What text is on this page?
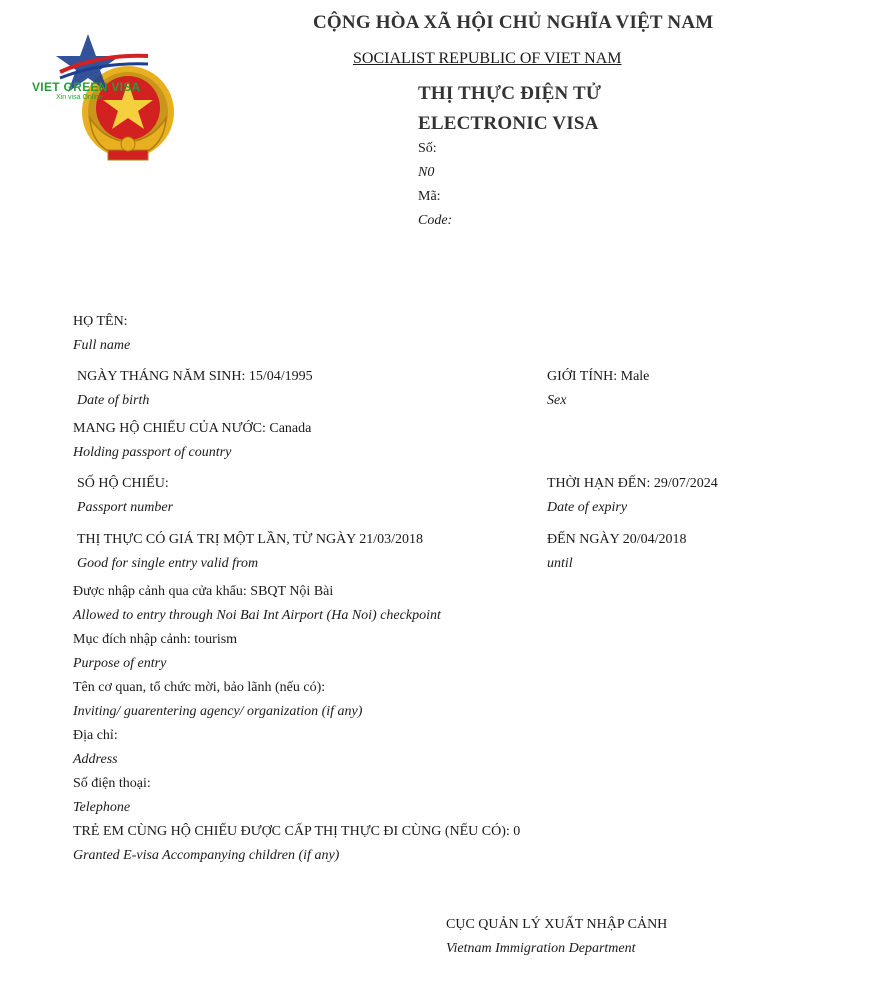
VIET GREEN VISA
Xin visa Online
CỘNG HÒA XÃ HỘI CHỦ NGHĨA VIỆT NAM
SOCIALIST REPUBLIC OF VIET NAM
THỊ THỰC ĐIỆN TỬ
ELECTRONIC VISA
Số:
N0
Mã:
Code:
HỌ TÊN:
Full name
NGÀY THÁNG NĂM SINH: 15/04/1995
Date of birth
GIỚI TÍNH: Male
Sex
MANG HỘ CHIẾU CỦA NƯỚC: Canada
Holding passport of country
SỐ HỘ CHIẾU:
Passport number
THỜI HẠN ĐẾN: 29/07/2024
Date of expiry
THỊ THỰC CÓ GIÁ TRỊ MỘT LẦN, TỪ NGÀY 21/03/2018
Good for single entry valid from
ĐẾN NGÀY 20/04/2018
until
Được nhập cảnh qua cửa khẩu: SBQT Nội Bài
Allowed to entry through Noi Bai Int Airport (Ha Noi) checkpoint
Mục đích nhập cảnh: tourism
Purpose of entry
Tên cơ quan, tổ chức mời, bảo lãnh (nếu có):
Inviting/ guarentering agency/ organization (if any)
Địa chỉ:
Address
Số điện thoại:
Telephone
TRẺ EM CÙNG HỘ CHIẾU ĐƯỢC CẤP THỊ THỰC ĐI CÙNG (NẾU CÓ): 0
Granted E-visa Accompanying children (if any)
CỤC QUẢN LÝ XUẤT NHẬP CẢNH
Vietnam Immigration Department
